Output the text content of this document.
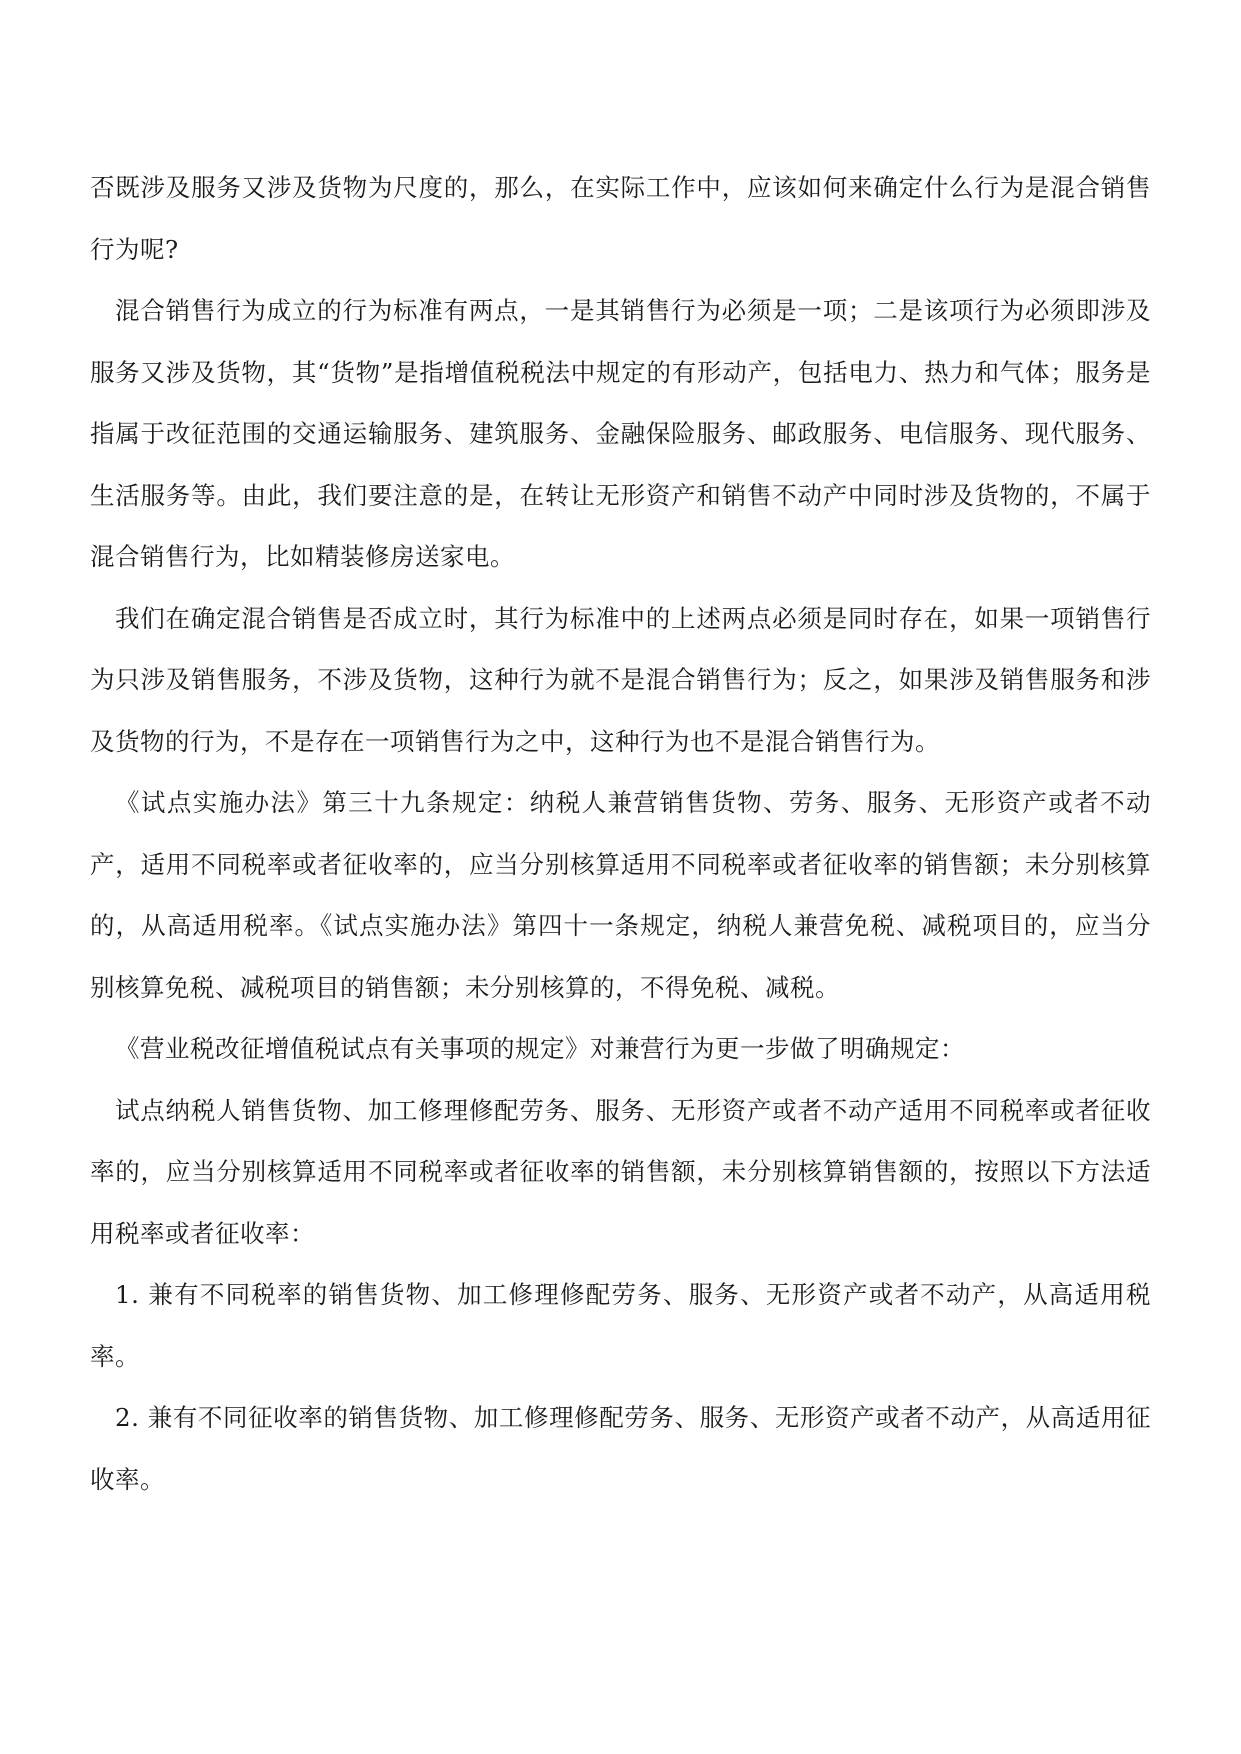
否既涉及服务又涉及货物为尺度的，那么，在实际工作中，应该如何来确定什么行为是混合销售行为呢?

混合销售行为成立的行为标准有两点，一是其销售行为必须是一项；二是该项行为必须即涉及服务又涉及货物，其“货物”是指增值税税法中规定的有形动产，包括电力、热力和气体；服务是指属于改征范围的交通运输服务、建筑服务、金融保险服务、邮政服务、电信服务、现代服务、生活服务等。由此，我们要注意的是，在转让无形资产和销售不动产中同时涉及货物的，不属于混合销售行为，比如精装修房送家电。

我们在确定混合销售是否成立时，其行为标准中的上述两点必须是同时存在，如果一项销售行为只涉及销售服务，不涉及货物，这种行为就不是混合销售行为；反之，如果涉及销售服务和涉及货物的行为，不是存在一项销售行为之中，这种行为也不是混合销售行为。

《试点实施办法》第三十九条规定：纳税人兼营销售货物、劳务、服务、无形资产或者不动产，适用不同税率或者征收率的，应当分别核算适用不同税率或者征收率的销售额；未分别核算的，从高适用税率。《试点实施办法》第四十一条规定，纳税人兼营免税、减税项目的，应当分别核算免税、减税项目的销售额；未分别核算的，不得免税、减税。

《营业税改征增值税试点有关事项的规定》对兼营行为更一步做了明确规定：

试点纳税人销售货物、加工修理修配劳务、服务、无形资产或者不动产适用不同税率或者征收率的，应当分别核算适用不同税率或者征收率的销售额，未分别核算销售额的，按照以下方法适用税率或者征收率：

1. 兼有不同税率的销售货物、加工修理修配劳务、服务、无形资产或者不动产，从高适用税率。

2. 兼有不同征收率的销售货物、加工修理修配劳务、服务、无形资产或者不动产，从高适用征收率。
